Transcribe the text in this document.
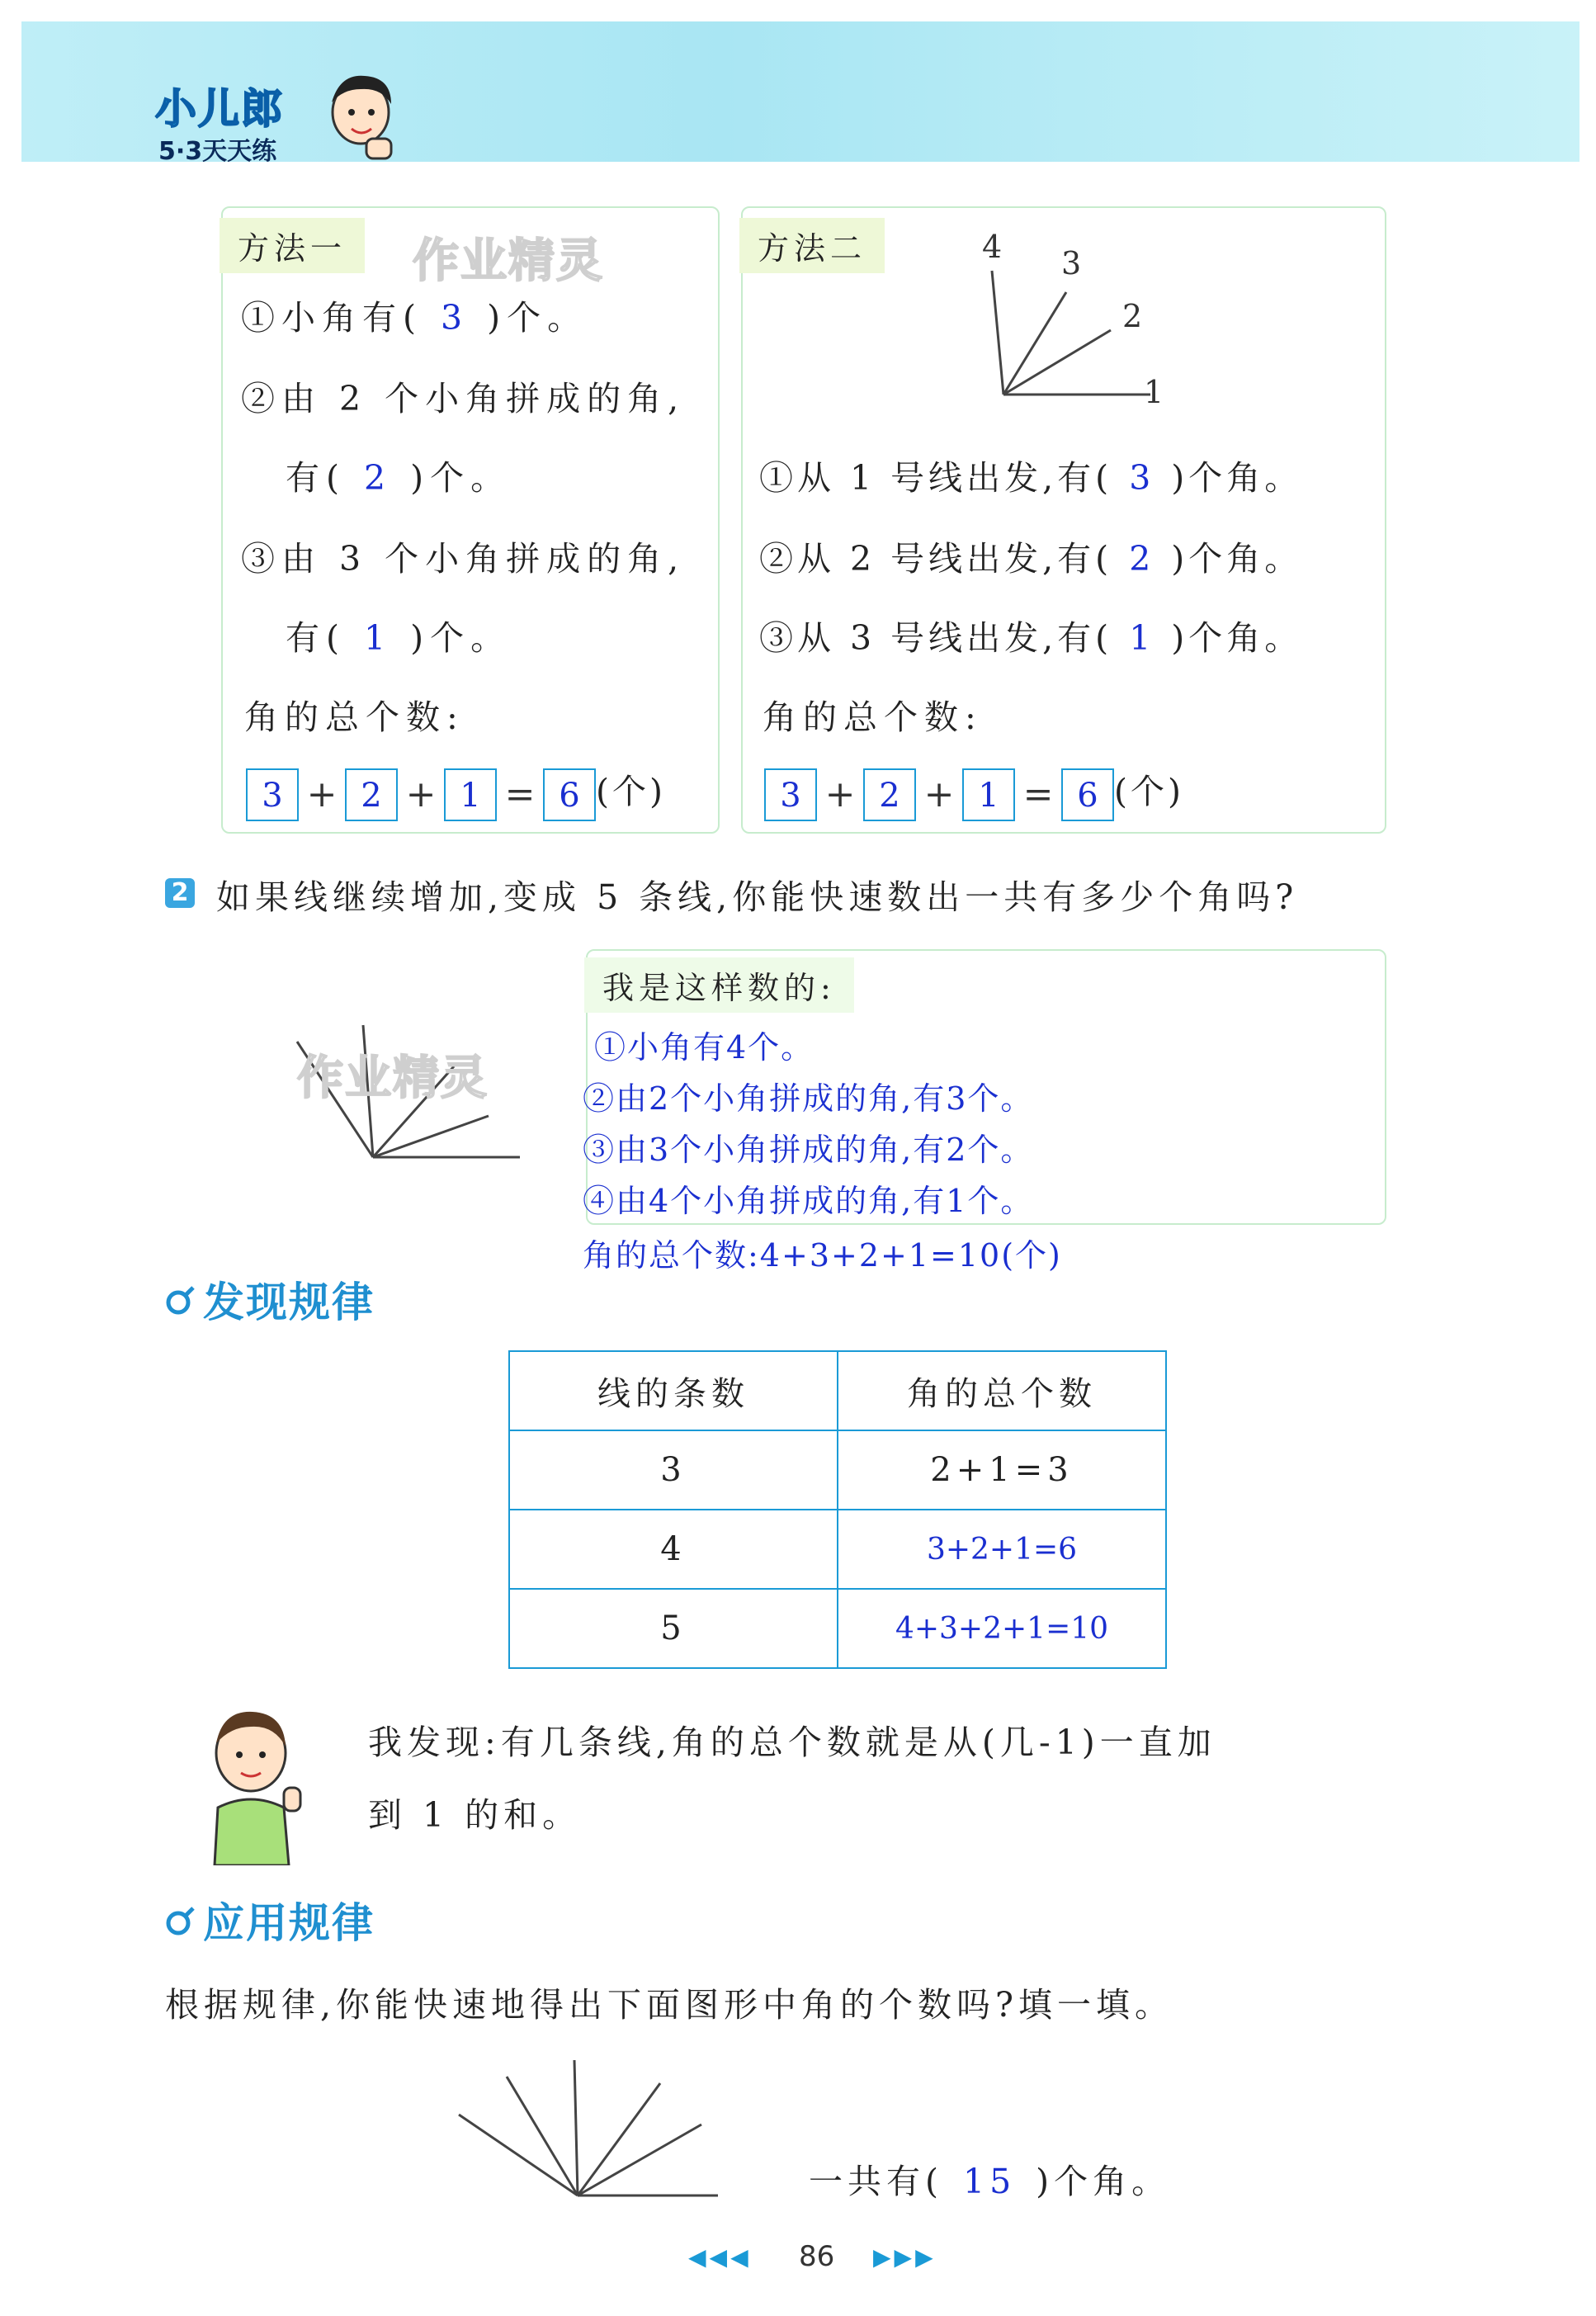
小儿郎
5·3天天练
方法一	作业精灵
①小角有( 3 )个。
②由 2 个小角拼成的角,
有( 2 )个。
③由 3 个小角拼成的角,
有( 1 )个。
角的总个数:
3 + 2 + 1 = 6 (个)
方法二	4 3
2
1
①从 1 号线出发,有( 3 )个角。
②从 2 号线出发,有( 2 )个角。
③从 3 号线出发,有( 1 )个角。
角的总个数:
3 + 2 + 1 = 6 (个)
2 如果线继续增加,变成 5 条线,你能快速数出一共有多少个角吗?
我是这样数的:
作业精灵
①小角有4个。
②由2个小角拼成的角,有3个。
③由3个小角拼成的角,有2个。
④由4个小角拼成的角,有1个。
角的总个数:4+3+2+1=10(个)
发现规律
线的条数	角的总个数
3	2+1=3
4	3+2+1=6
5	4+3+2+1=10
我发现:有几条线,角的总个数就是从(几-1)一直加
到 1 的和。
应用规律
根据规律,你能快速地得出下面图形中角的个数吗?填一填。
一共有( 15 )个角。
◀◀◀ 86 ▶▶▶
